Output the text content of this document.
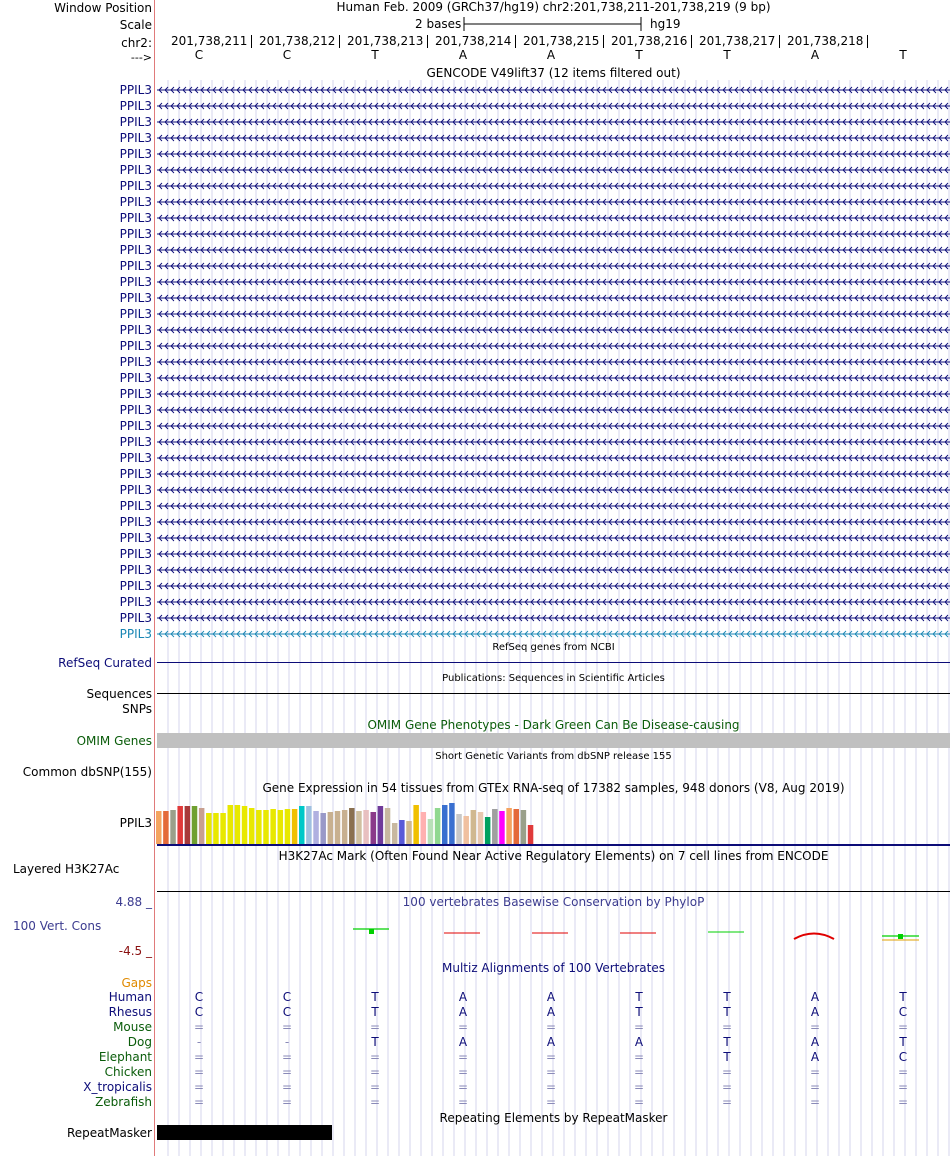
Window Position
Scale
chr2:
--->
Human Feb. 2009 (GRCh37/hg19) chr2:201,738,211-201,738,219 (9 bp)
2 bases	hg19
201,738,211 201,738,212 201,738,213 201,738,214 201,738,215 201,738,216 201,738,217 201,738,218
C	C	T	A	A	T	T	A	T
GENCODE V49lift37 (12 items filtered out)
PPIL3
PPIL3
PPIL3
PPIL3
PPIL3
PPIL3
PPIL3
PPIL3
PPIL3
PPIL3
PPIL3
PPIL3
PPIL3
PPIL3
PPIL3
PPIL3
PPIL3
PPIL3
PPIL3
PPIL3
PPIL3
PPIL3
PPIL3
PPIL3
PPIL3
PPIL3
PPIL3
PPIL3
PPIL3
PPIL3
PPIL3
PPIL3
PPIL3
PPIL3
PPIL3
RefSeq genes from NCBI
RefSeq Curated
Publications: Sequences in Scientific Articles
Sequences
SNPs
OMIM Gene Phenotypes - Dark Green Can Be Disease-causing
OMIM Genes
Short Genetic Variants from dbSNP release 155
Common dbSNP(155)
Gene Expression in 54 tissues from GTEx RNA-seq of 17382 samples, 948 donors (V8, Aug 2019)
PPIL3
H3K27Ac Mark (Often Found Near Active Regulatory Elements) on 7 cell lines from ENCODE
Layered H3K27Ac
100 vertebrates Basewise Conservation by PhyloP
4.88 _
100 Vert. Cons
-4.5 _
Multiz Alignments of 100 Vertebrates
Gaps
Human	C	C	T	A	A	T	T	A	T
Rhesus	C	C	T	A	A	T	T	A	C
Mouse	=	=	=	=	=	=	=	=	=
Dog	-	-	T	A	A	A	T	A	T
Elephant	=	=	=	=	=	=	T	A	C
Chicken	=	=	=	=	=	=	=	=	=
X_tropicalis	=	=	=	=	=	=	=	=	=
Zebrafish	=	=	=	=	=	=	=	=	=
Repeating Elements by RepeatMasker
RepeatMasker
